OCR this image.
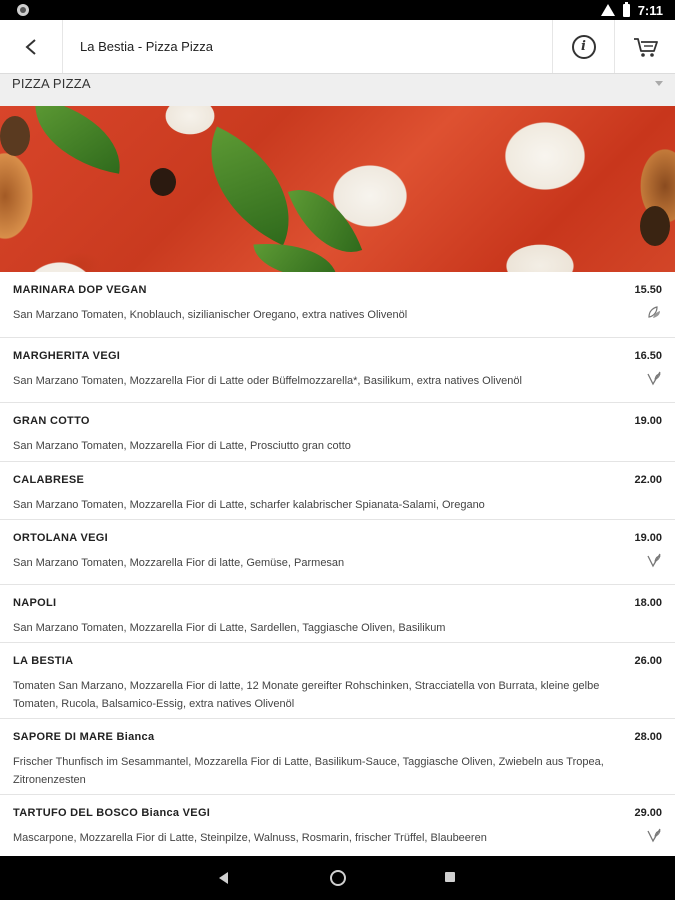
7:11
La Bestia - Pizza Pizza	i
PIZZA PIZZA
MARINARA DOP VEGAN	15.50
San Marzano Tomaten, Knoblauch, sizilianischer Oregano, extra natives Olivenöl
MARGHERITA VEGI	16.50
San Marzano Tomaten, Mozzarella Fior di Latte oder Büffelmozzarella*, Basilikum, extra natives Olivenöl
GRAN COTTO	19.00
San Marzano Tomaten, Mozzarella Fior di Latte, Prosciutto gran cotto
CALABRESE	22.00
San Marzano Tomaten, Mozzarella Fior di Latte, scharfer kalabrischer Spianata-Salami, Oregano
ORTOLANA VEGI	19.00
San Marzano Tomaten, Mozzarella Fior di latte, Gemüse, Parmesan
NAPOLI	18.00
San Marzano Tomaten, Mozzarella Fior di Latte, Sardellen, Taggiasche Oliven, Basilikum
LA BESTIA	26.00
Tomaten San Marzano, Mozzarella Fior di latte, 12 Monate gereifter Rohschinken, Stracciatella von Burrata, kleine gelbe Tomaten, Rucola, Balsamico-Essig, extra natives Olivenöl
SAPORE DI MARE Bianca	28.00
Frischer Thunfisch im Sesammantel, Mozzarella Fior di Latte, Basilikum-Sauce, Taggiasche Oliven, Zwiebeln aus Tropea, Zitronenzesten
TARTUFO DEL BOSCO Bianca VEGI	29.00
Mascarpone, Mozzarella Fior di Latte, Steinpilze, Walnuss, Rosmarin, frischer Trüffel, Blaubeeren
